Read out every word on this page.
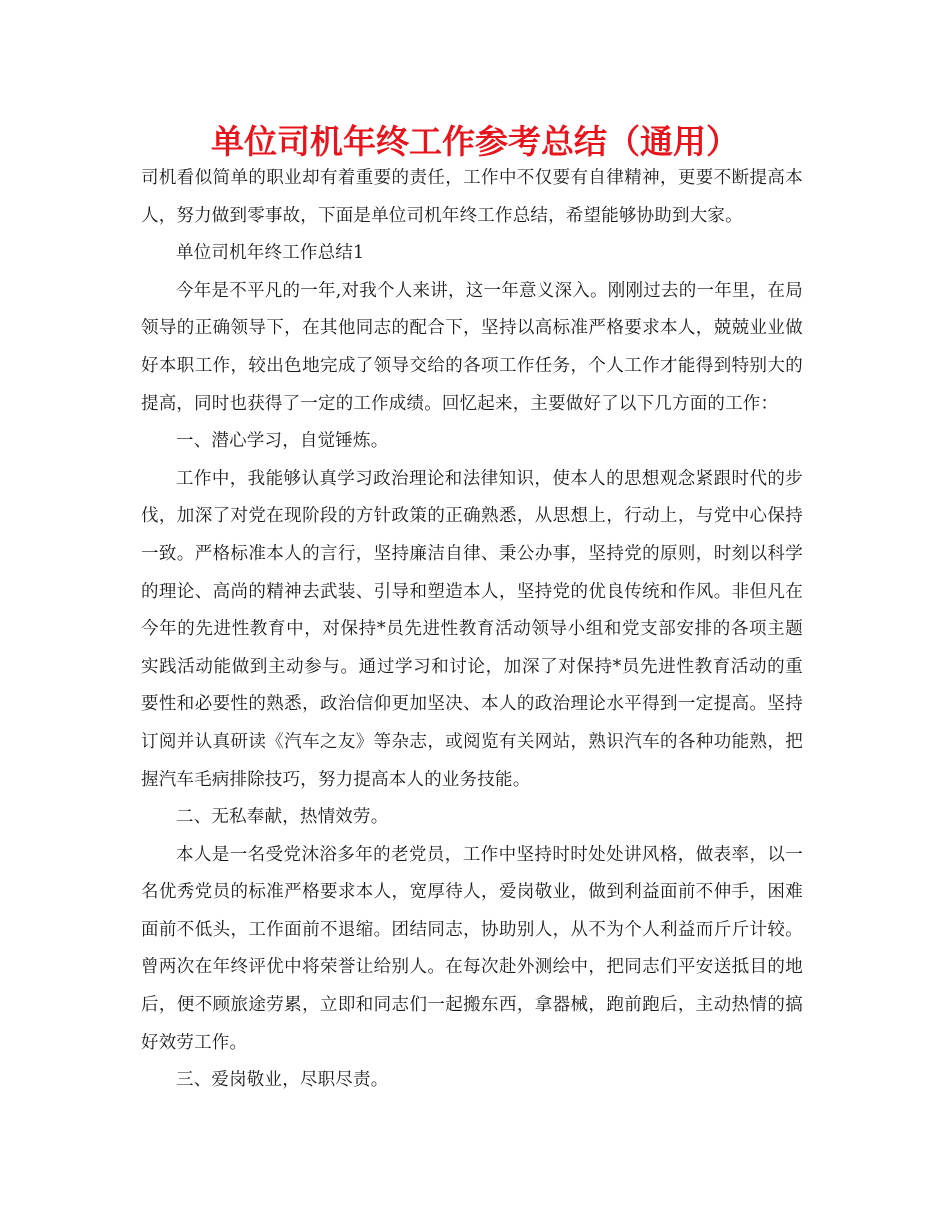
单位司机年终工作参考总结（通用）

司机看似简单的职业却有着重要的责任，工作中不仅要有自律精神，更要不断提高本人，努力做到零事故，下面是单位司机年终工作总结，希望能够协助到大家。

单位司机年终工作总结1

今年是不平凡的一年,对我个人来讲，这一年意义深入。刚刚过去的一年里，在局领导的正确领导下，在其他同志的配合下，坚持以高标准严格要求本人，兢兢业业做好本职工作，较出色地完成了领导交给的各项工作任务，个人工作才能得到特别大的提高，同时也获得了一定的工作成绩。回忆起来，主要做好了以下几方面的工作：

一、潜心学习，自觉锤炼。

工作中，我能够认真学习政治理论和法律知识，使本人的思想观念紧跟时代的步伐，加深了对党在现阶段的方针政策的正确熟悉，从思想上，行动上，与党中心保持一致。严格标准本人的言行，坚持廉洁自律、秉公办事，坚持党的原则，时刻以科学的理论、高尚的精神去武装、引导和塑造本人，坚持党的优良传统和作风。非但凡在今年的先进性教育中，对保持*员先进性教育活动领导小组和党支部安排的各项主题实践活动能做到主动参与。通过学习和讨论，加深了对保持*员先进性教育活动的重要性和必要性的熟悉，政治信仰更加坚决、本人的政治理论水平得到一定提高。坚持订阅并认真研读《汽车之友》等杂志，或阅览有关网站，熟识汽车的各种功能熟，把握汽车毛病排除技巧，努力提高本人的业务技能。

二、无私奉献，热情效劳。

本人是一名受党沐浴多年的老党员，工作中坚持时时处处讲风格，做表率，以一名优秀党员的标准严格要求本人，宽厚待人，爱岗敬业，做到利益面前不伸手，困难面前不低头，工作面前不退缩。团结同志，协助别人，从不为个人利益而斤斤计较。曾两次在年终评优中将荣誉让给别人。在每次赴外测绘中，把同志们平安送抵目的地后，便不顾旅途劳累，立即和同志们一起搬东西，拿器械，跑前跑后，主动热情的搞好效劳工作。

三、爱岗敬业，尽职尽责。
